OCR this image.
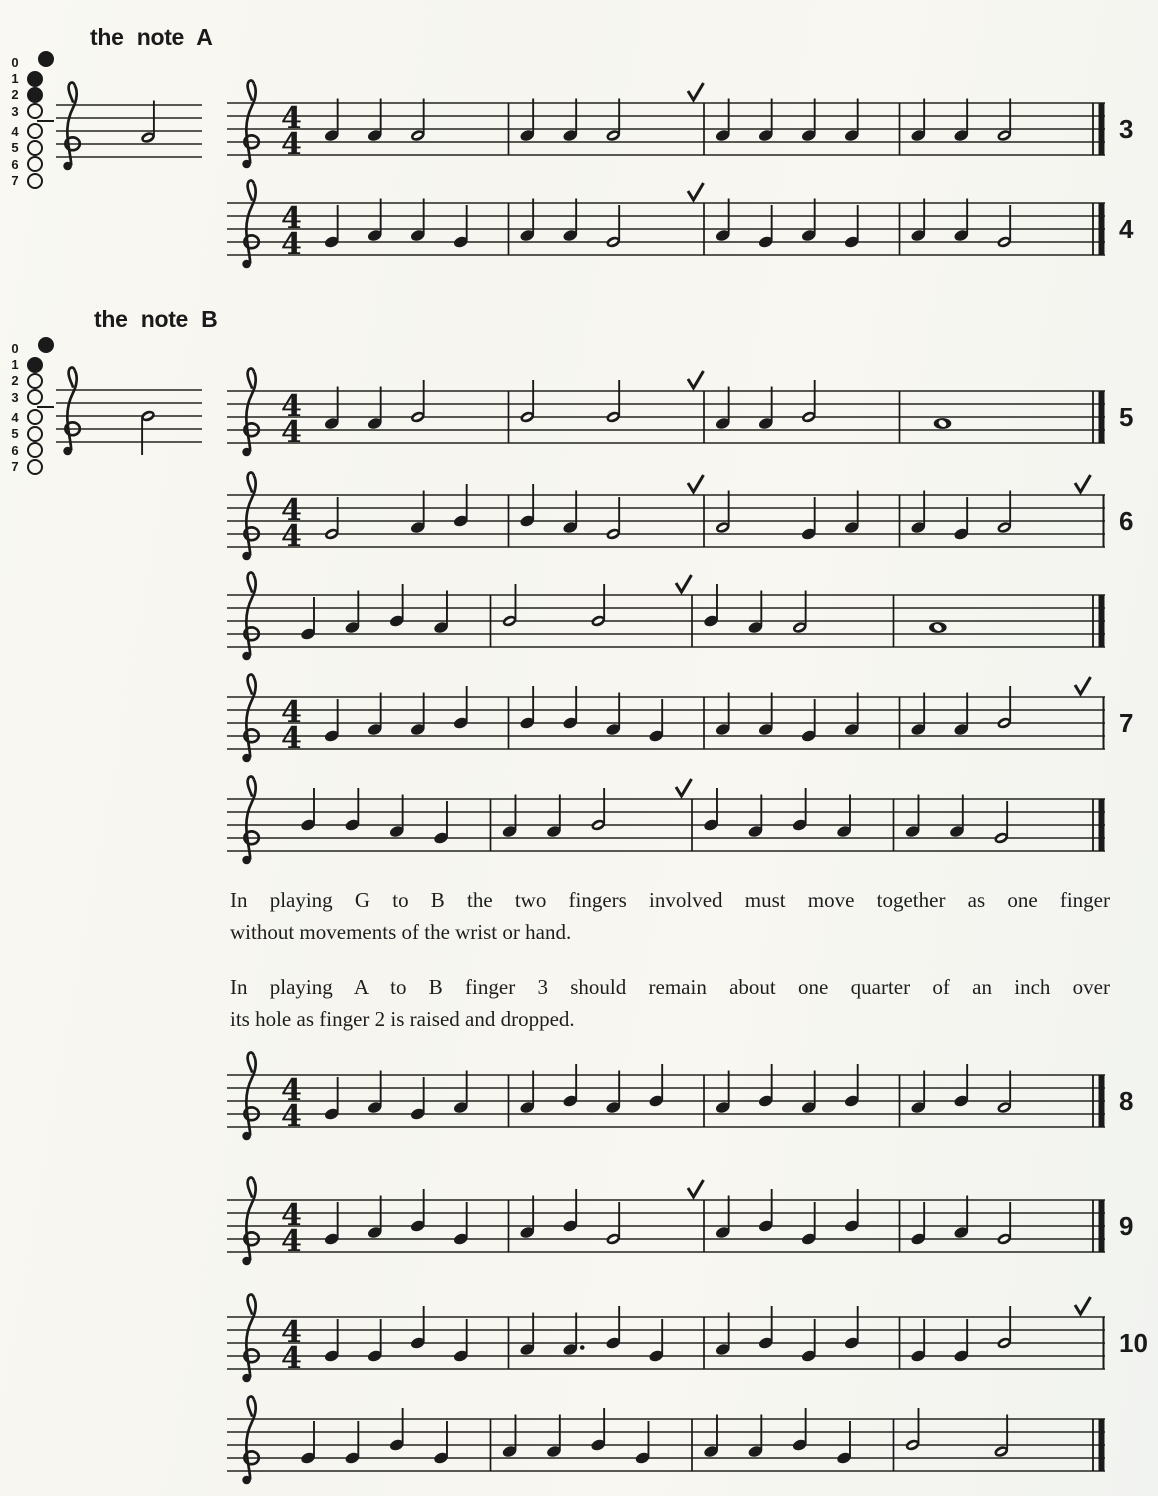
the note A
the note B
0
1
2
3
4
5
6
7
0
1
2
3
4
5
6
7

In playing G to B the two fingers involved must move together as one finger
without movements of the wrist or hand.

In playing A to B finger 3 should remain about one quarter of an inch over
its hole as finger 2 is raised and dropped.

4
4
4
4
4
4
4
4
4
4
4
4
4
4
4
4
3
4
5
6
7
8
9
10
